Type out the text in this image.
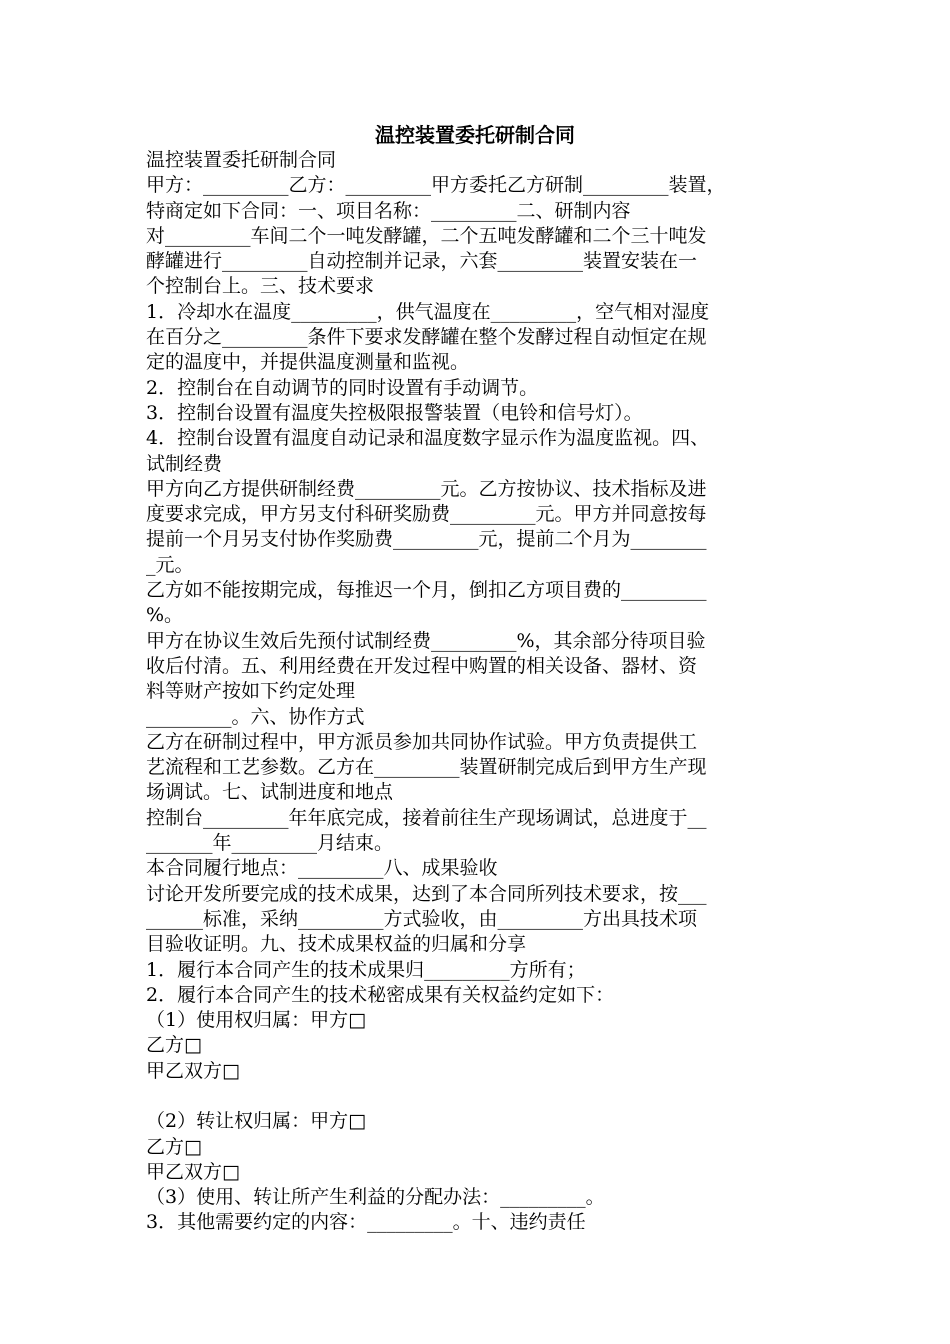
温控装置委托研制合同
温控装置委托研制合同
甲方：_________乙方：_________甲方委托乙方研制_________装置，
特商定如下合同：一、项目名称：_________二、研制内容
对_________车间二个一吨发酵罐，二个五吨发酵罐和二个三十吨发
酵罐进行_________自动控制并记录，六套_________装置安装在一
个控制台上。三、技术要求
1．冷却水在温度_________，供气温度在_________，空气相对湿度
在百分之_________条件下要求发酵罐在整个发酵过程自动恒定在规
定的温度中，并提供温度测量和监视。
2．控制台在自动调节的同时设置有手动调节。
3．控制台设置有温度失控极限报警装置（电铃和信号灯）。
4．控制台设置有温度自动记录和温度数字显示作为温度监视。四、
试制经费
甲方向乙方提供研制经费_________元。乙方按协议、技术指标及进
度要求完成，甲方另支付科研奖励费_________元。甲方并同意按每
提前一个月另支付协作奖励费_________元，提前二个月为________
_元。
乙方如不能按期完成，每推迟一个月，倒扣乙方项目费的_________
%。
甲方在协议生效后先预付试制经费_________%，其余部分待项目验
收后付清。五、利用经费在开发过程中购置的相关设备、器材、资
料等财产按如下约定处理
_________。六、协作方式
乙方在研制过程中，甲方派员参加共同协作试验。甲方负责提供工
艺流程和工艺参数。乙方在_________装置研制完成后到甲方生产现
场调试。七、试制进度和地点
控制台_________年年底完成，接着前往生产现场调试，总进度于__
_______年_________月结束。
本合同履行地点：_________八、成果验收
讨论开发所要完成的技术成果，达到了本合同所列技术要求，按___
______标准，采纳_________方式验收，由_________方出具技术项
目验收证明。九、技术成果权益的归属和分享
1．履行本合同产生的技术成果归_________方所有；
2．履行本合同产生的技术秘密成果有关权益约定如下：
（1）使用权归属：甲方□
乙方□
甲乙双方□
（2）转让权归属：甲方□
乙方□
甲乙双方□
（3）使用、转让所产生利益的分配办法：_________。
3．其他需要约定的内容：_________。十、违约责任
